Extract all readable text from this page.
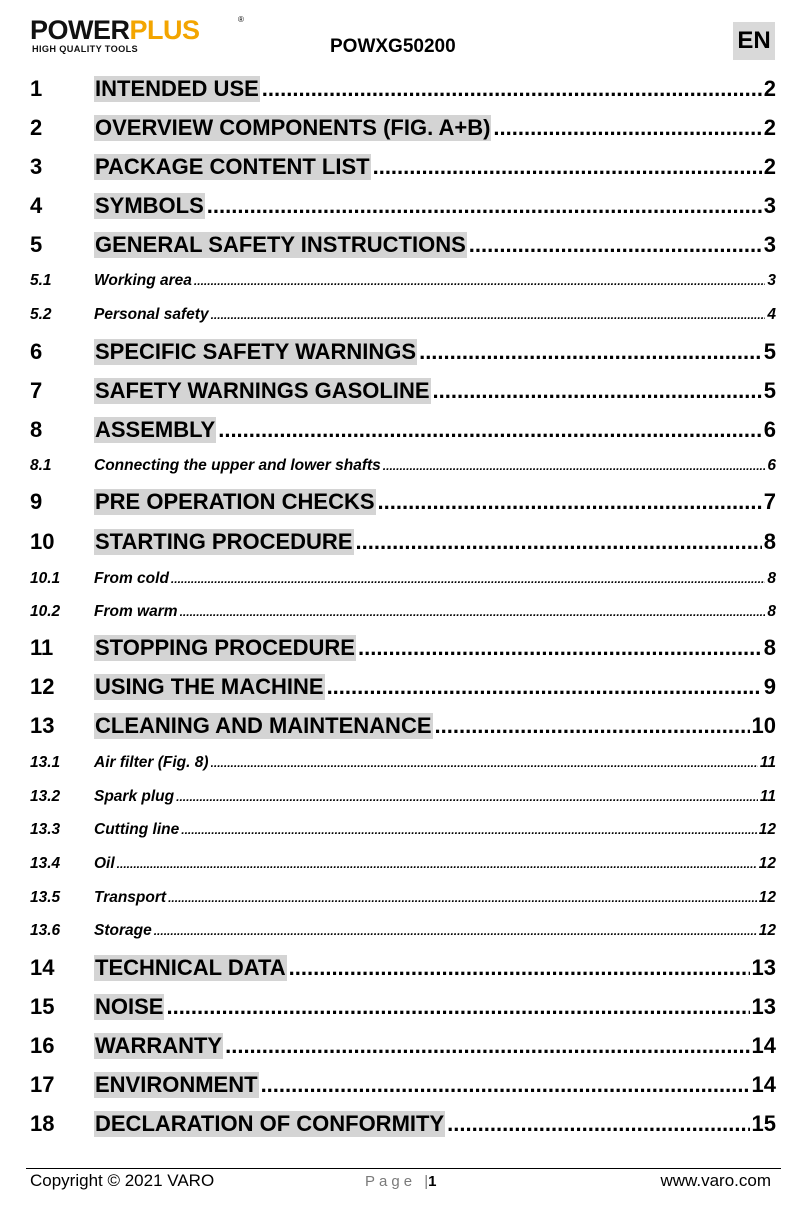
POWERPLUS	®
HIGH QUALITY TOOLS	POWXG50200	EN
1	INTENDED USE .....	2
2	OVERVIEW COMPONENTS (FIG. A+B) .....	2
3	PACKAGE CONTENT LIST .....	2
4	SYMBOLS .....	3
5	GENERAL SAFETY INSTRUCTIONS .....	3
5.1	Working area .....	3
5.2	Personal safety .....	4
6	SPECIFIC SAFETY WARNINGS .....	5
7	SAFETY WARNINGS GASOLINE .....	5
8	ASSEMBLY .....	6
8.1	Connecting the upper and lower shafts .....	6
9	PRE OPERATION CHECKS .....	7
10	STARTING PROCEDURE .....	8
10.1	From cold .....	8
10.2	From warm .....	8
11	STOPPING PROCEDURE .....	8
12	USING THE MACHINE .....	9
13	CLEANING AND MAINTENANCE .....	10
13.1	Air filter (Fig. 8) .....	11
13.2	Spark plug .....	11
13.3	Cutting line .....	12
13.4	Oil .....	12
13.5	Transport .....	12
13.6	Storage .....	12
14	TECHNICAL DATA .....	13
15	NOISE .....	13
16	WARRANTY .....	14
17	ENVIRONMENT .....	14
18	DECLARATION OF CONFORMITY .....	15
Copyright © 2021 VARO	Page |1	www.varo.com
